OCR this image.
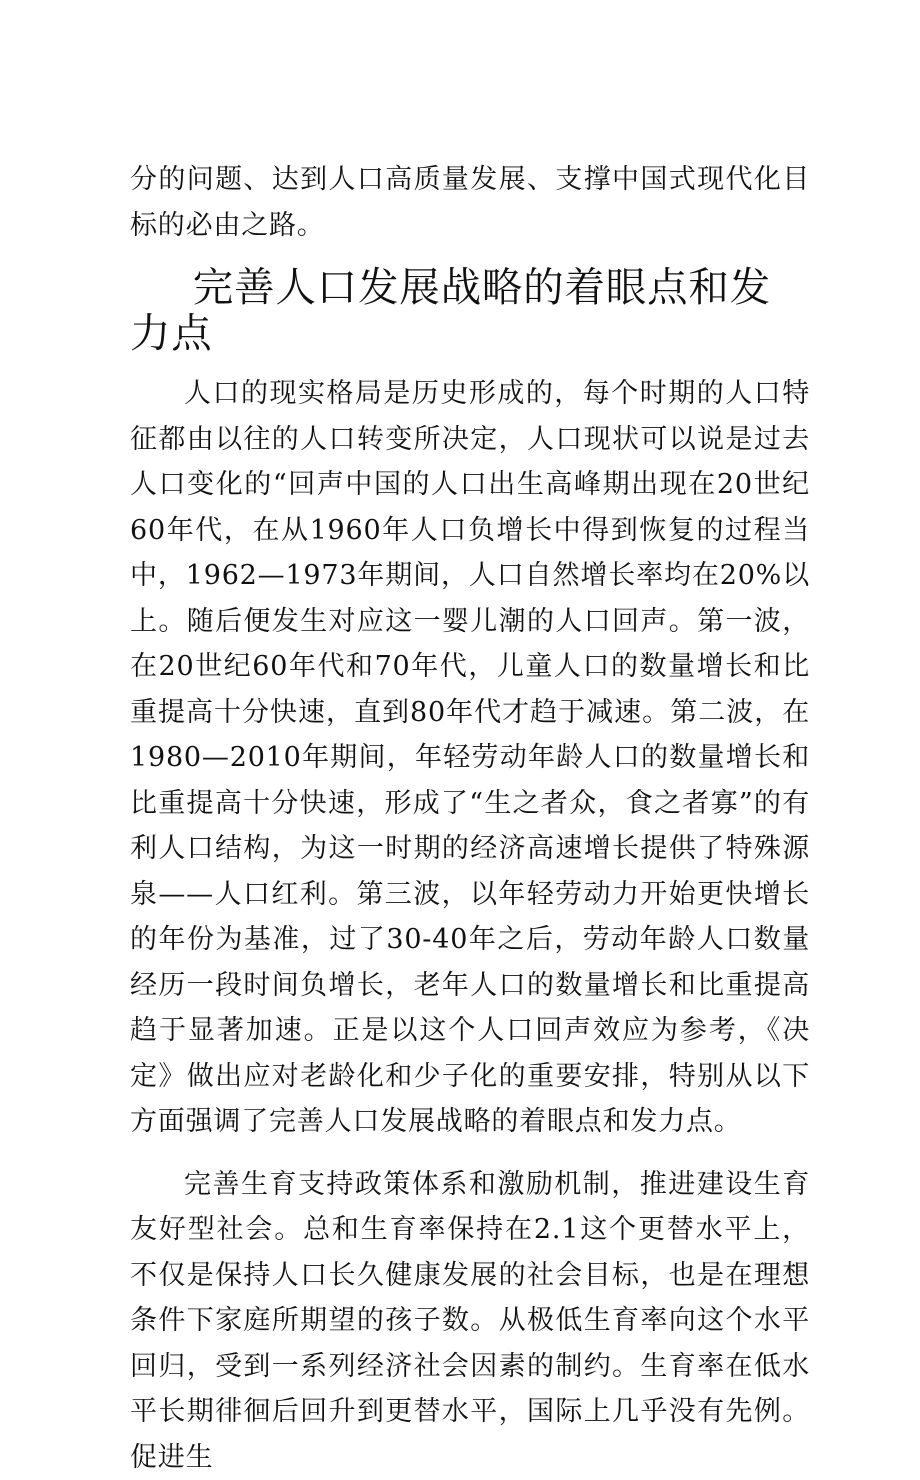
分的问题、达到人口高质量发展、支撑中国式现代化目标的必由之路。

完善人口发展战略的着眼点和发力点

人口的现实格局是历史形成的，每个时期的人口特征都由以往的人口转变所决定，人口现状可以说是过去人口变化的“回声中国的人口出生高峰期出现在20世纪60年代，在从1960年人口负增长中得到恢复的过程当中，1962—1973年期间，人口自然增长率均在20%以上。随后便发生对应这一婴儿潮的人口回声。第一波，在20世纪60年代和70年代，儿童人口的数量增长和比重提高十分快速，直到80年代才趋于减速。第二波，在1980—2010年期间，年轻劳动年龄人口的数量增长和比重提高十分快速，形成了“生之者众，食之者寡”的有利人口结构，为这一时期的经济高速增长提供了特殊源泉——人口红利。第三波，以年轻劳动力开始更快增长的年份为基准，过了30-40年之后，劳动年龄人口数量经历一段时间负增长，老年人口的数量增长和比重提高趋于显著加速。正是以这个人口回声效应为参考，《决定》做出应对老龄化和少子化的重要安排，特别从以下方面强调了完善人口发展战略的着眼点和发力点。

完善生育支持政策体系和激励机制，推进建设生育友好型社会。总和生育率保持在2.1这个更替水平上，不仅是保持人口长久健康发展的社会目标，也是在理想条件下家庭所期望的孩子数。从极低生育率向这个水平回归，受到一系列经济社会因素的制约。生育率在低水平长期徘徊后回升到更替水平，国际上几乎没有先例。促进生
